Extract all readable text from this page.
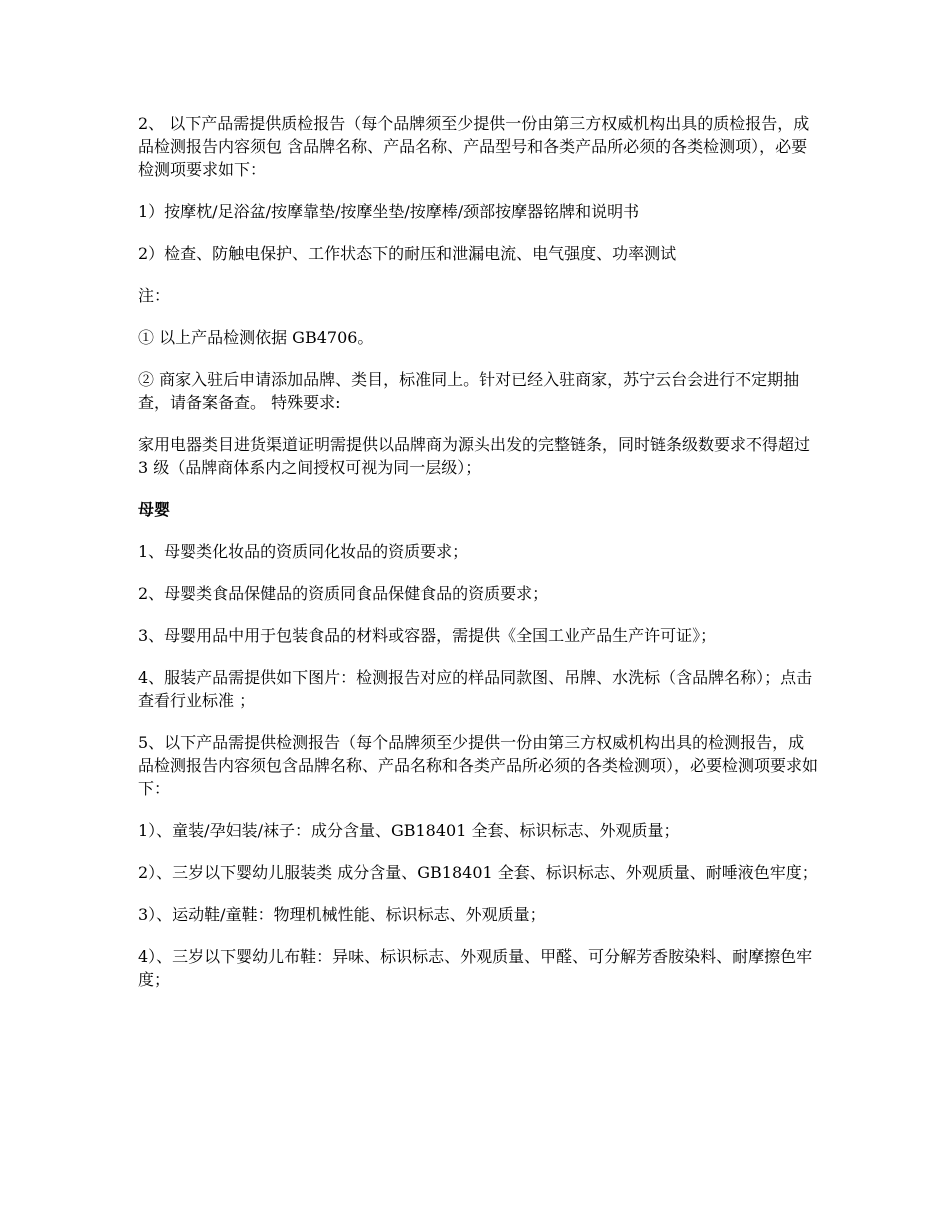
2、 以下产品需提供质检报告（每个品牌须至少提供一份由第三方权威机构出具的质检报告，成品检测报告内容须包 含品牌名称、产品名称、产品型号和各类产品所必须的各类检测项），必要检测项要求如下：

1）按摩枕/足浴盆/按摩靠垫/按摩坐垫/按摩棒/颈部按摩器铭牌和说明书

2）检查、防触电保护、工作状态下的耐压和泄漏电流、电气强度、功率测试

注：

① 以上产品检测依据 GB4706。

② 商家入驻后申请添加品牌、类目，标准同上。针对已经入驻商家，苏宁云台会进行不定期抽查，请备案备查。 特殊要求:

家用电器类目进货渠道证明需提供以品牌商为源头出发的完整链条，同时链条级数要求不得超过 3 级（品牌商体系内之间授权可视为同一层级）；

母婴

1、母婴类化妆品的资质同化妆品的资质要求；

2、母婴类食品保健品的资质同食品保健食品的资质要求；

3、母婴用品中用于包装食品的材料或容器，需提供《全国工业产品生产许可证》；

4、服装产品需提供如下图片：检测报告对应的样品同款图、吊牌、水洗标（含品牌名称）；点击查看行业标准 ；

5、以下产品需提供检测报告（每个品牌须至少提供一份由第三方权威机构出具的检测报告，成品检测报告内容须包含品牌名称、产品名称和各类产品所必须的各类检测项），必要检测项要求如下：

1）、童装/孕妇装/袜子：成分含量、GB18401 全套、标识标志、外观质量；

2）、三岁以下婴幼儿服装类 成分含量、GB18401 全套、标识标志、外观质量、耐唾液色牢度；

3）、运动鞋/童鞋：物理机械性能、标识标志、外观质量；

4）、三岁以下婴幼儿布鞋：异味、标识标志、外观质量、甲醛、可分解芳香胺染料、耐摩擦色牢度；
